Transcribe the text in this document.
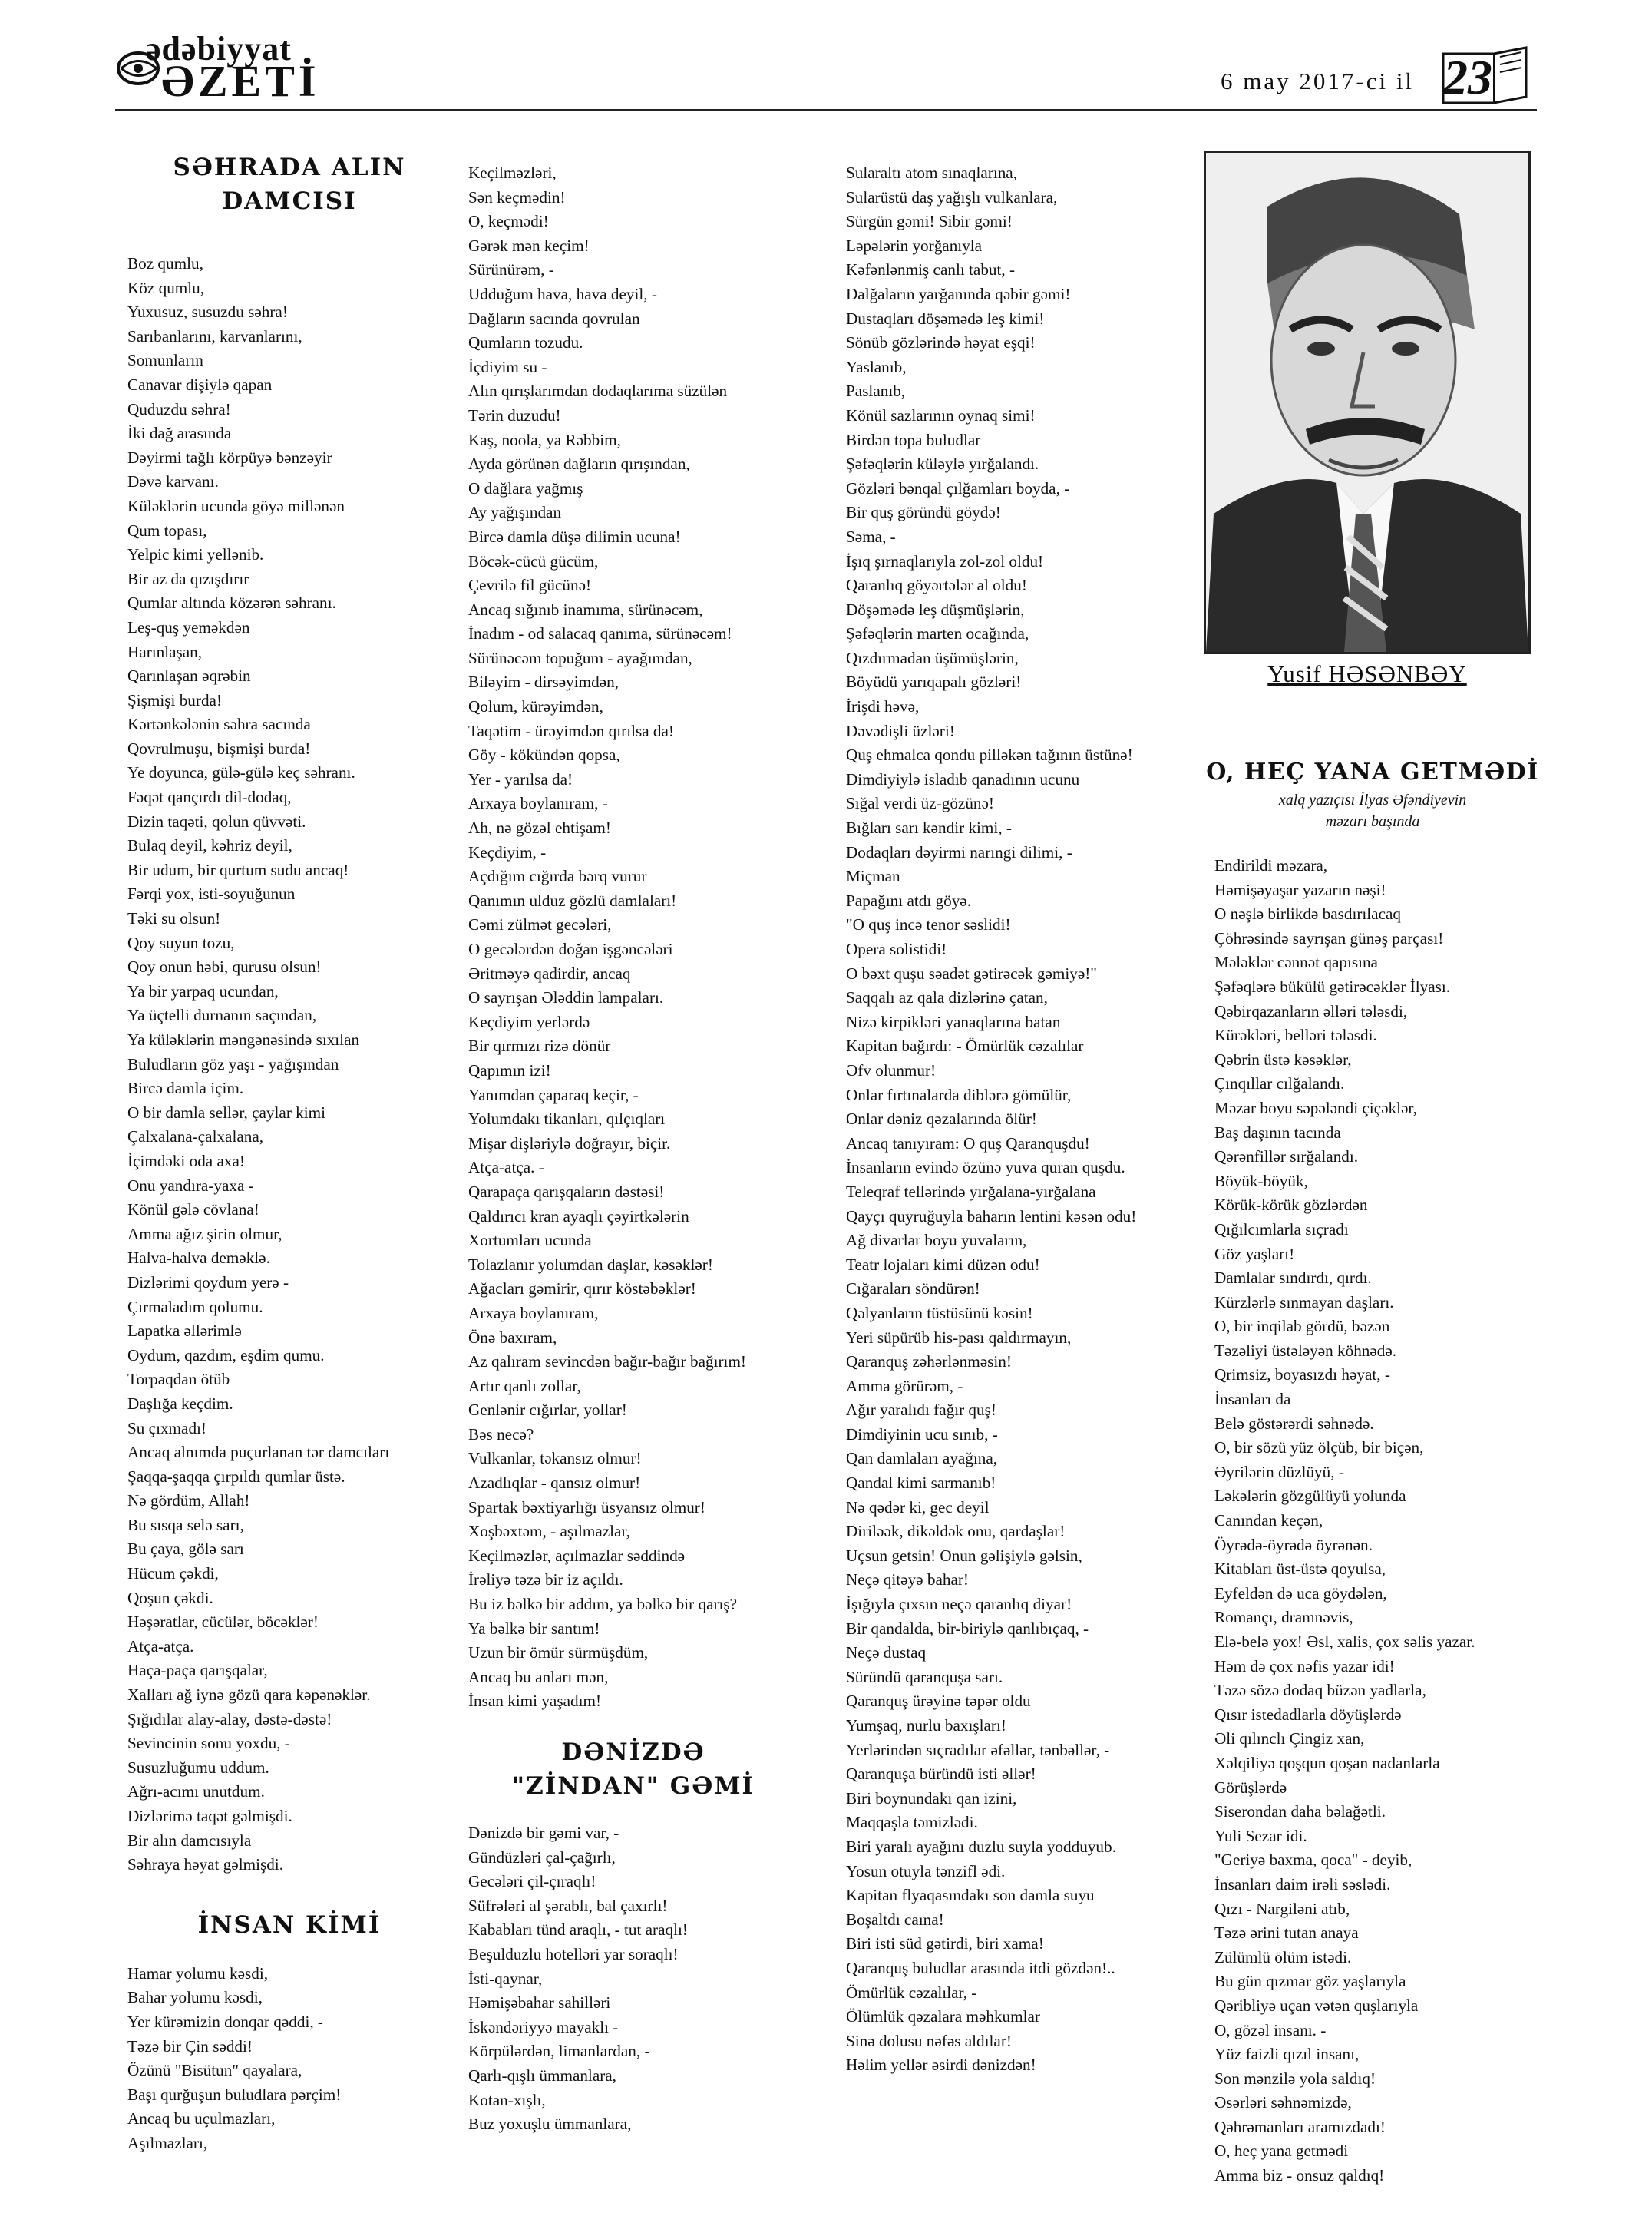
ədəbiyyat
ƏZETİ	6 may 2017-ci il 23
SƏHRADA ALIN
DAMCISI

Boz qumlu,

Köz qumlu,

Yuxusuz, susuzdu səhra!

Sarıbanlarını, karvanlarını,

Somunların

Canavar dişiylə qapan

Quduzdu səhra!

İki dağ arasında

Dəyirmi tağlı körpüyə bənzəyir

Dəvə karvanı.

Küləklərin ucunda göyə millənən

Qum topası,

Yelpic kimi yellənib.

Bir az da qızışdırır

Qumlar altında közərən səhranı.

Leş-quş yeməkdən

Harınlaşan,

Qarınlaşan əqrəbin

Şişmişi burda!

Kərtənkələnin səhra sacında

Qovrulmuşu, bişmişi burda!

Ye doyunca, gülə-gülə keç səhranı.

Fəqət qançırdı dil-dodaq,

Dizin taqəti, qolun qüvvəti.

Bulaq deyil, kəhriz deyil,

Bir udum, bir qurtum sudu ancaq!

Fərqi yox, isti-soyuğunun

Təki su olsun!

Qoy suyun tozu,

Qoy onun həbi, qurusu olsun!

Ya bir yarpaq ucundan,

Ya üçtelli durnanın saçından,

Ya küləklərin məngənəsində sıxılan

Buludların göz yaşı - yağışından

Bircə damla içim.

O bir damla sellər, çaylar kimi

Çalxalana-çalxalana,

İçimdəki oda axa!

Onu yandıra-yaxa -

Könül gələ cövlana!

Amma ağız şirin olmur,

Halva-halva deməklə.

Dizlərimi qoydum yerə -

Çırmaladım qolumu.

Lapatka əllərimlə

Oydum, qazdım, eşdim qumu.

Torpaqdan ötüb

Daşlığa keçdim.

Su çıxmadı!

Ancaq alnımda puçurlanan tər damcıları

Şaqqa-şaqqa çırpıldı qumlar üstə.

Nə gördüm, Allah!

Bu sısqa selə sarı,

Bu çaya, gölə sarı

Hücum çəkdi,

Qoşun çəkdi.

Həşəratlar, cücülər, böcəklər!

Atça-atça.

Haça-paça qarışqalar,

Xalları ağ iynə gözü qara kəpənəklər.

Şığıdılar alay-alay, dəstə-dəstə!

Sevincinin sonu yoxdu, -

Susuzluğumu uddum.

Ağrı-acımı unutdum.

Dizlərimə taqət gəlmişdi.

Bir alın damcısıyla

Səhraya həyat gəlmişdi.

İNSAN KİMİ

Hamar yolumu kəsdi,

Bahar yolumu kəsdi,

Yer kürəmizin donqar qəddi, -

Təzə bir Çin səddi!

Özünü "Bisütun" qayalara,

Başı qurğuşun buludlara pərçim!

Ancaq bu uçulmazları,

Aşılmazları,

Keçilməzləri,

Sən keçmədin!

O, keçmədi!

Gərək mən keçim!

Sürünürəm, -

Udduğum hava, hava deyil, -

Dağların sacında qovrulan

Qumların tozudu.

İçdiyim su -

Alın qırışlarımdan dodaqlarıma süzülən

Tərin duzudu!

Kaş, noola, ya Rəbbim,

Ayda görünən dağların qırışından,

O dağlara yağmış

Ay yağışından

Bircə damla düşə dilimin ucuna!

Böcək-cücü gücüm,

Çevrilə fil gücünə!

Ancaq sığınıb inamıma, sürünəcəm,

İnadım - od salacaq qanıma, sürünəcəm!

Sürünəcəm topuğum - ayağımdan,

Biləyim - dirsəyimdən,

Qolum, kürəyimdən,

Taqətim - ürəyimdən qırılsa da!

Göy - kökündən qopsa,

Yer - yarılsa da!

Arxaya boylanıram, -

Ah, nə gözəl ehtişam!

Keçdiyim, -

Açdığım cığırda bərq vurur

Qanımın ulduz gözlü damlaları!

Cəmi zülmət gecələri,

O gecələrdən doğan işgəncələri

Əritməyə qadirdir, ancaq

O sayrışan Ələddin lampaları.

Keçdiyim yerlərdə

Bir qırmızı rizə dönür

Qapımın izi!

Yanımdan çaparaq keçir, -

Yolumdakı tikanları, qılçıqları

Mişar dişləriylə doğrayır, biçir.

Atça-atça. -

Qarapaça qarışqaların dəstəsi!

Qaldırıcı kran ayaqlı çəyirtkələrin

Xortumları ucunda

Tolazlanır yolumdan daşlar, kəsəklər!

Ağacları gəmirir, qırır köstəbəklər!

Arxaya boylanıram,

Önə baxıram,

Az qalıram sevincdən bağır-bağır bağırım!

Artır qanlı zollar,

Genlənir cığırlar, yollar!

Bəs necə?

Vulkanlar, təkansız olmur!

Azadlıqlar - qansız olmur!

Spartak bəxtiyarlığı üsyansız olmur!

Xoşbəxtəm, - aşılmazlar,

Keçilməzlər, açılmazlar səddində

İrəliyə təzə bir iz açıldı.

Bu iz bəlkə bir addım, ya bəlkə bir qarış?

Ya bəlkə bir santım!

Uzun bir ömür sürmüşdüm,

Ancaq bu anları mən,

İnsan kimi yaşadım!

DƏNİZDƏ
"ZİNDAN" GƏMİ

Dənizdə bir gəmi var, -

Gündüzləri çal-çağırlı,

Gecələri çil-çıraqlı!

Süfrələri al şərablı, bal çaxırlı!

Kababları tünd araqlı, - tut araqlı!

Beşulduzlu hotelləri yar soraqlı!

İsti-qaynar,

Həmişəbahar sahilləri

İskəndəriyyə mayaklı -

Körpülərdən, limanlardan, -

Qarlı-qışlı ümmanlara,

Kotan-xışlı,

Buz yoxuşlu ümmanlara,

Sularaltı atom sınaqlarına,

Sularüstü daş yağışlı vulkanlara,

Sürgün gəmi! Sibir gəmi!

Ləpələrin yorğanıyla

Kəfənlənmiş canlı tabut, -

Dalğaların yarğanında qəbir gəmi!

Dustaqları döşəmədə leş kimi!

Sönüb gözlərində həyat eşqi!

Yaslanıb,

Paslanıb,

Könül sazlarının oynaq simi!

Birdən topa buludlar

Şəfəqlərin küləylə yırğalandı.

Gözləri bənqal çılğamları boyda, -

Bir quş göründü göydə!

Səma, -

İşıq şırnaqlarıyla zol-zol oldu!

Qaranlıq göyərtələr al oldu!

Döşəmədə leş düşmüşlərin,

Şəfəqlərin marten ocağında,

Qızdırmadan üşümüşlərin,

Böyüdü yarıqapalı gözləri!

İrişdi həvə,

Dəvədişli üzləri!

Quş ehmalca qondu pilləkən tağının üstünə!

Dimdiyiylə isladıb qanadının ucunu

Sığal verdi üz-gözünə!

Bığları sarı kəndir kimi, -

Dodaqları dəyirmi narıngi dilimi, -

Miçman

Papağını atdı göyə.

"O quş incə tenor səslidi!

Opera solistidi!

O bəxt quşu səadət gətirəcək gəmiyə!"

Saqqalı az qala dizlərinə çatan,

Nizə kirpikləri yanaqlarına batan

Kapitan bağırdı: - Ömürlük cəzalılar

Əfv olunmur!

Onlar fırtınalarda diblərə gömülür,

Onlar dəniz qəzalarında ölür!

Ancaq tanıyıram: O quş Qaranquşdu!

İnsanların evində özünə yuva quran quşdu.

Teleqraf tellərində yırğalana-yırğalana

Qayçı quyruğuyla baharın lentini kəsən odu!

Ağ divarlar boyu yuvaların,

Teatr lojaları kimi düzən odu!

Cığaraları söndürən!

Qəlyanların tüstüsünü kəsin!

Yeri süpürüb his-pası qaldırmayın,

Qaranquş zəhərlənməsin!

Amma görürəm, -

Ağır yaralıdı fağır quş!

Dimdiyinin ucu sınıb, -

Qan damlaları ayağına,

Qandal kimi sarmanıb!

Nə qədər ki, gec deyil

Diriləək, dikəldək onu, qardaşlar!

Uçsun getsin! Onun gəlişiylə gəlsin,

Neçə qitəyə bahar!

İşığıyla çıxsın neçə qaranlıq diyar!

Bir qandalda, bir-biriylə qanlıbıçaq, -

Neçə dustaq

Süründü qaranquşa sarı.

Qaranquş ürəyinə təpər oldu

Yumşaq, nurlu baxışları!

Yerlərindən sıçradılar əfəllər, tənbəllər, -

Qaranquşa büründü isti əllər!

Biri boynundakı qan izini,

Maqqaşla təmizlədi.

Biri yaralı ayağını duzlu suyla yodduyub.

Yosun otuyla tənzifl ədi.

Kapitan flyaqasındakı son damla suyu

Boşaltdı caına!

Biri isti süd gətirdi, biri xama!

Qaranquş buludlar arasında itdi gözdən!..

Ömürlük cəzalılar, -

Ölümlük qəzalara məhkumlar

Sinə dolusu nəfəs aldılar!

Həlim yellər əsirdi dənizdən!

Yusif HƏSƏNBƏY
O, HEÇ YANA GETMƏDİ
xalq yazıçısı İlyas Əfəndiyevin
məzarı başında

Endirildi məzara,

Həmişəyaşar yazarın nəşi!

O nəşlə birlikdə basdırılacaq

Çöhrəsində sayrışan günəş parçası!

Mələklər cənnət qapısına

Şəfəqlərə bükülü gətirəcəklər İlyası.

Qəbirqazanların əlləri tələsdi,

Kürəkləri, belləri tələsdi.

Qəbrin üstə kəsəklər,

Çınqıllar cılğalandı.

Məzar boyu səpələndi çiçəklər,

Baş daşının tacında

Qərənfillər sırğalandı.

Böyük-böyük,

Körük-körük gözlərdən

Qığılcımlarla sıçradı

Göz yaşları!

Damlalar sındırdı, qırdı.

Kürzlərlə sınmayan daşları.

O, bir inqilab gördü, bəzən

Təzəliyi üstələyən köhnədə.

Qrimsiz, boyasızdı həyat, -

İnsanları da

Belə göstərərdi səhnədə.

O, bir sözü yüz ölçüb, bir biçən,

Əyrilərin düzlüyü, -

Ləkələrin gözgülüyü yolunda

Canından keçən,

Öyrədə-öyrədə öyrənən.

Kitabları üst-üstə qoyulsa,

Eyfeldən də uca göydələn,

Romançı, dramnəvis,

Elə-belə yox! Əsl, xalis, çox səlis yazar.

Həm də çox nəfis yazar idi!

Təzə sözə dodaq büzən yadlarla,

Qısır istedadlarla döyüşlərdə

Əli qılınclı Çingiz xan,

Xəlqiliyə qoşqun qoşan nadanlarla

Görüşlərdə

Siserondan daha bəlağətli.

Yuli Sezar idi.

"Geriyə baxma, qoca" - deyib,

İnsanları daim irəli səslədi.

Qızı - Nargiləni atıb,

Təzə ərini tutan anaya

Zülümlü ölüm istədi.

Bu gün qızmar göz yaşlarıyla

Qəribliyə uçan vətən quşlarıyla

O, gözəl insanı. -

Yüz faizli qızıl insanı,

Son mənzilə yola saldıq!

Əsərləri səhnəmizdə,

Qəhrəmanları aramızdadı!

O, heç yana getmədi

Amma biz - onsuz qaldıq!
